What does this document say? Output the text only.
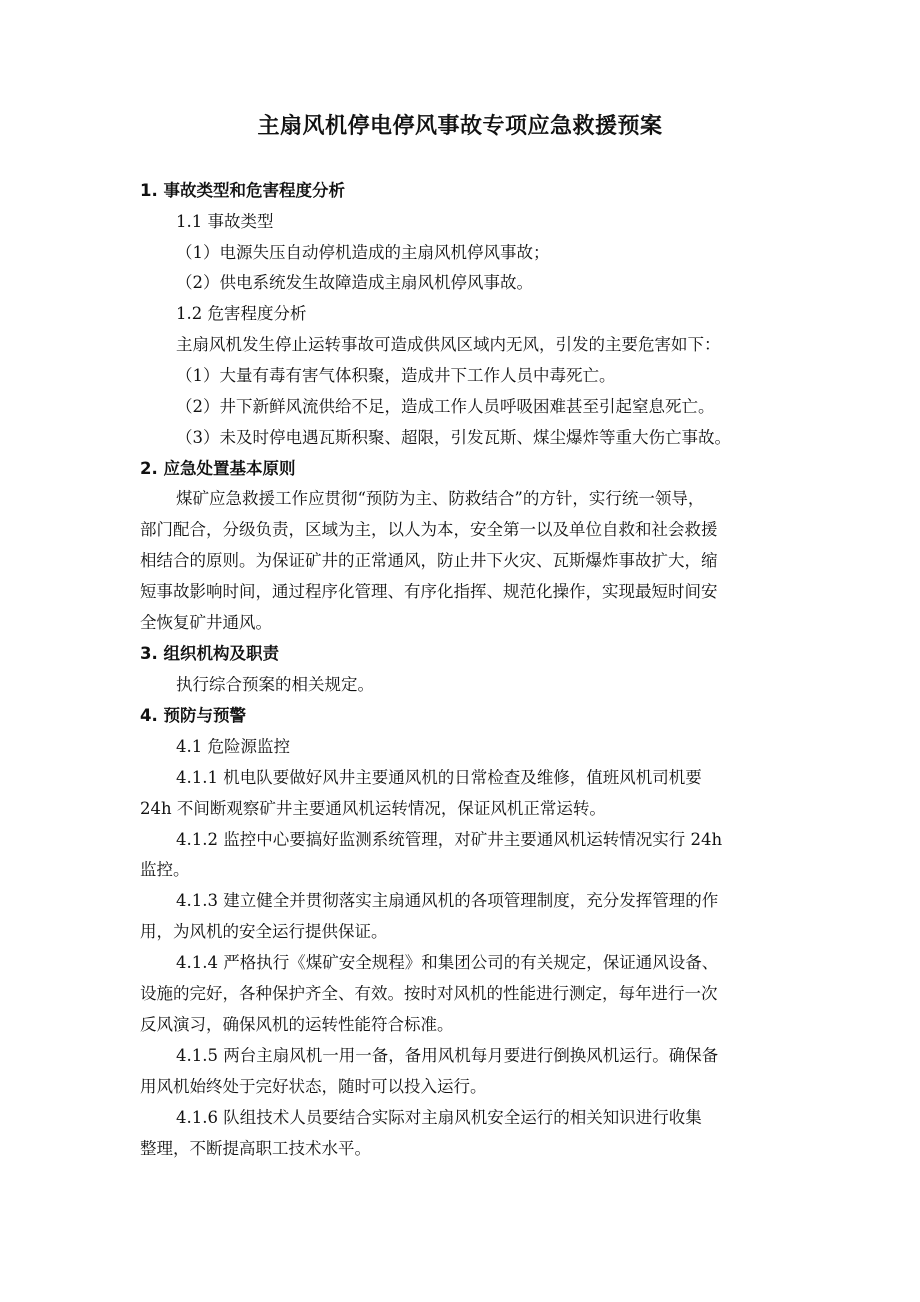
主扇风机停电停风事故专项应急救援预案
1. 事故类型和危害程度分析
1.1 事故类型
（1）电源失压自动停机造成的主扇风机停风事故；
（2）供电系统发生故障造成主扇风机停风事故。
1.2 危害程度分析
主扇风机发生停止运转事故可造成供风区域内无风，引发的主要危害如下：
（1）大量有毒有害气体积聚，造成井下工作人员中毒死亡。
（2）井下新鲜风流供给不足，造成工作人员呼吸困难甚至引起窒息死亡。
（3）未及时停电遇瓦斯积聚、超限，引发瓦斯、煤尘爆炸等重大伤亡事故。
2. 应急处置基本原则
煤矿应急救援工作应贯彻“预防为主、防救结合”的方针，实行统一领导，
部门配合，分级负责，区域为主，以人为本，安全第一以及单位自救和社会救援
相结合的原则。为保证矿井的正常通风，防止井下火灾、瓦斯爆炸事故扩大，缩
短事故影响时间，通过程序化管理、有序化指挥、规范化操作，实现最短时间安
全恢复矿井通风。
3. 组织机构及职责
执行综合预案的相关规定。
4. 预防与预警
4.1 危险源监控
4.1.1 机电队要做好风井主要通风机的日常检查及维修，值班风机司机要
24h 不间断观察矿井主要通风机运转情况，保证风机正常运转。
4.1.2 监控中心要搞好监测系统管理，对矿井主要通风机运转情况实行 24h
监控。
4.1.3 建立健全并贯彻落实主扇通风机的各项管理制度，充分发挥管理的作
用，为风机的安全运行提供保证。
4.1.4 严格执行《煤矿安全规程》和集团公司的有关规定，保证通风设备、
设施的完好，各种保护齐全、有效。按时对风机的性能进行测定，每年进行一次
反风演习，确保风机的运转性能符合标准。
4.1.5 两台主扇风机一用一备，备用风机每月要进行倒换风机运行。确保备
用风机始终处于完好状态，随时可以投入运行。
4.1.6 队组技术人员要结合实际对主扇风机安全运行的相关知识进行收集
整理，不断提高职工技术水平。
